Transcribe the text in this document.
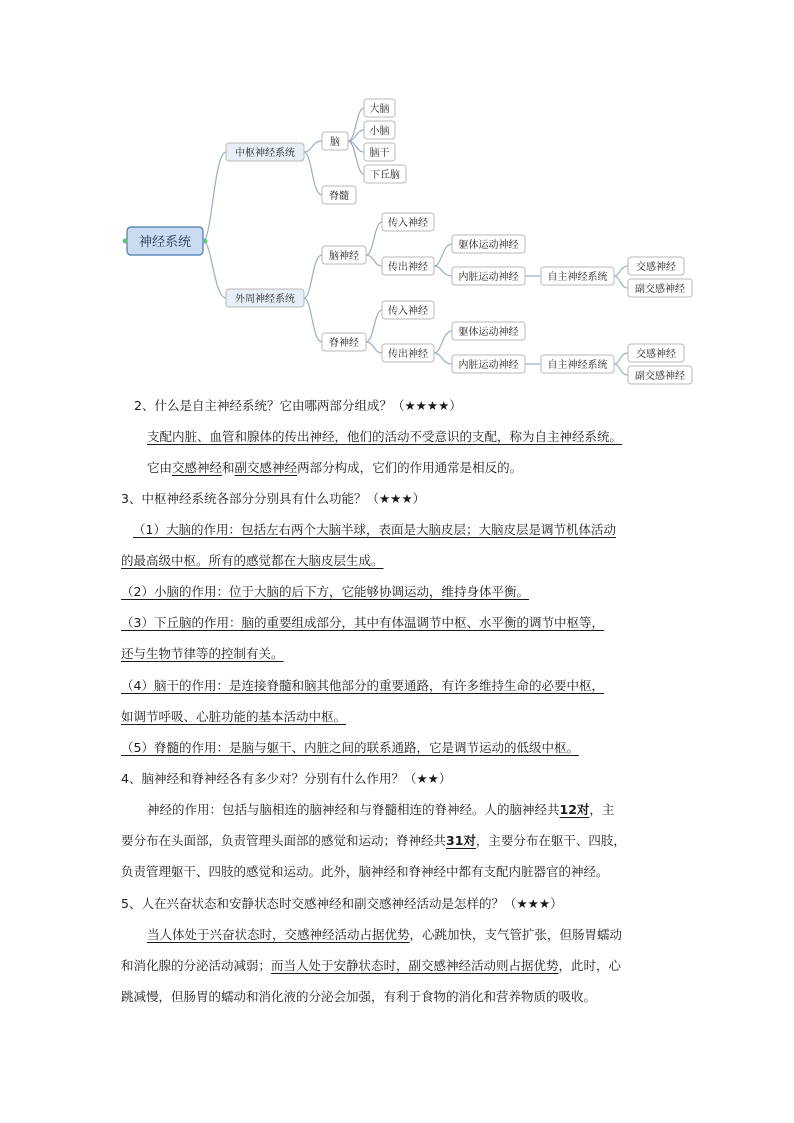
神经系统
中枢神经系统
外周神经系统
脑
脊髓
大脑
小脑
脑干
下丘脑
脑神经
脊神经
传入神经
传出神经
躯体运动神经
内脏运动神经	自主神经系统
交感神经
副交感神经
传入神经
传出神经
躯体运动神经
内脏运动神经	自主神经系统
交感神经
副交感神经
2、什么是自主神经系统？它由哪两部分组成？（★★★★）
支配内脏、血管和腺体的传出神经，他们的活动不受意识的支配，称为自主神经系统。
它由交感神经和副交感神经两部分构成，它们的作用通常是相反的。
3、中枢神经系统各部分分别具有什么功能？（★★★）
（1）大脑的作用：包括左右两个大脑半球，表面是大脑皮层；大脑皮层是调节机体活动
的最高级中枢。所有的感觉都在大脑皮层生成。
（2）小脑的作用：位于大脑的后下方，它能够协调运动，维持身体平衡。
（3）下丘脑的作用：脑的重要组成部分，其中有体温调节中枢、水平衡的调节中枢等，
还与生物节律等的控制有关。
（4）脑干的作用：是连接脊髓和脑其他部分的重要通路，有许多维持生命的必要中枢，
如调节呼吸、心脏功能的基本活动中枢。
（5）脊髓的作用：是脑与躯干、内脏之间的联系通路，它是调节运动的低级中枢。
4、脑神经和脊神经各有多少对？分别有什么作用？（★★）
神经的作用：包括与脑相连的脑神经和与脊髓相连的脊神经。人的脑神经共12对，主
要分布在头面部，负责管理头面部的感觉和运动；脊神经共31对，主要分布在躯干、四肢，
负责管理躯干、四肢的感觉和运动。此外，脑神经和脊神经中都有支配内脏器官的神经。
5、人在兴奋状态和安静状态时交感神经和副交感神经活动是怎样的？（★★★）
当人体处于兴奋状态时，交感神经活动占据优势，心跳加快，支气管扩张，但肠胃蠕动
和消化腺的分泌活动减弱；而当人处于安静状态时，副交感神经活动则占据优势，此时，心
跳减慢，但肠胃的蠕动和消化液的分泌会加强，有利于食物的消化和营养物质的吸收。
